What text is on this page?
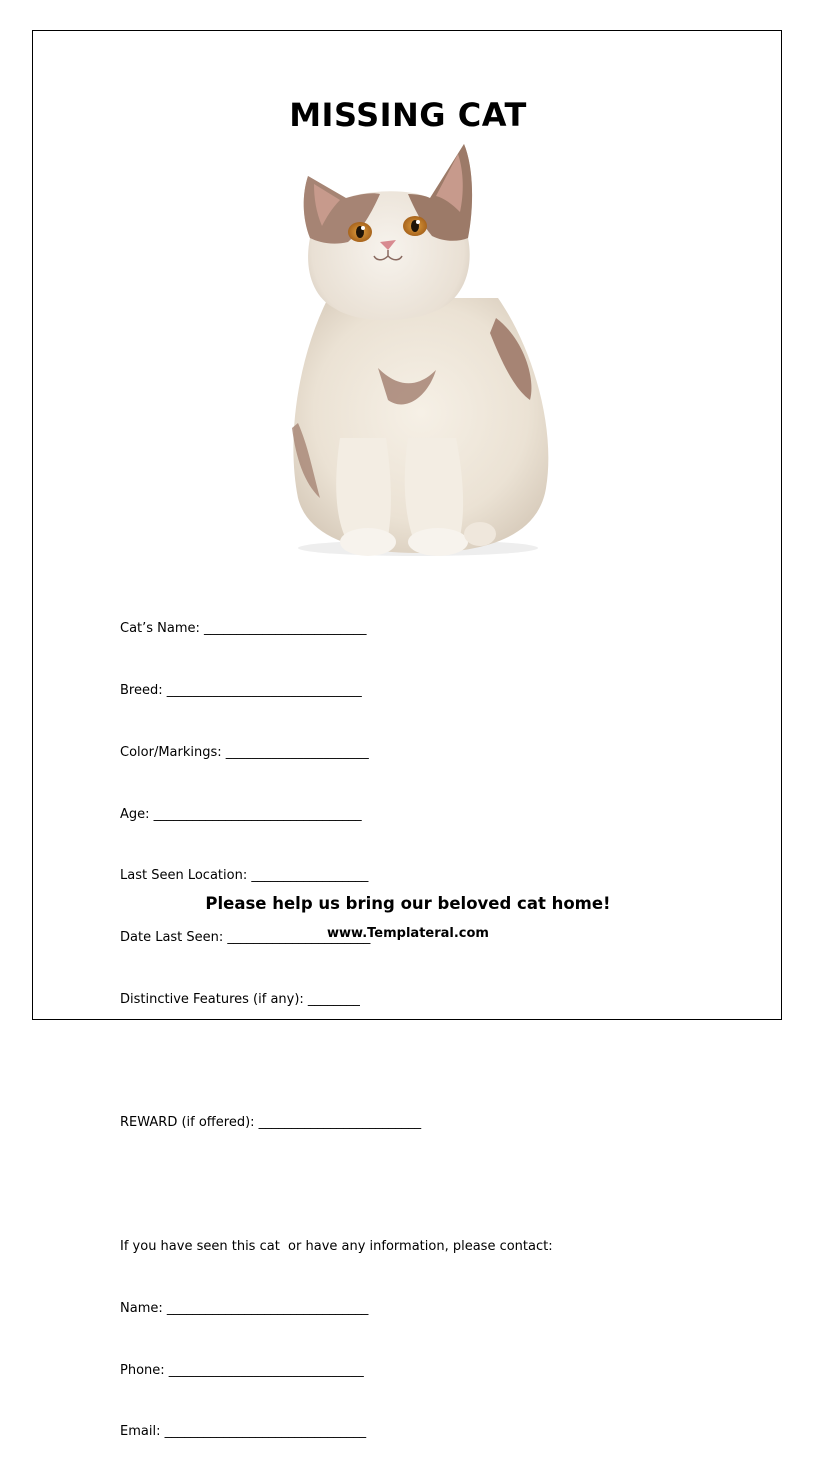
MISSING CAT

Cat’s Name: _________________________

Breed: ______________________________

Color/Markings: ______________________

Age: ________________________________

Last Seen Location: __________________

Date Last Seen: ______________________

Distinctive Features (if any): ________

REWARD (if offered): _________________________

If you have seen this cat  or have any information, please contact:

Name: _______________________________

Phone: ______________________________

Email: _______________________________

Please help us bring our beloved cat home!
www.Templateral.com
